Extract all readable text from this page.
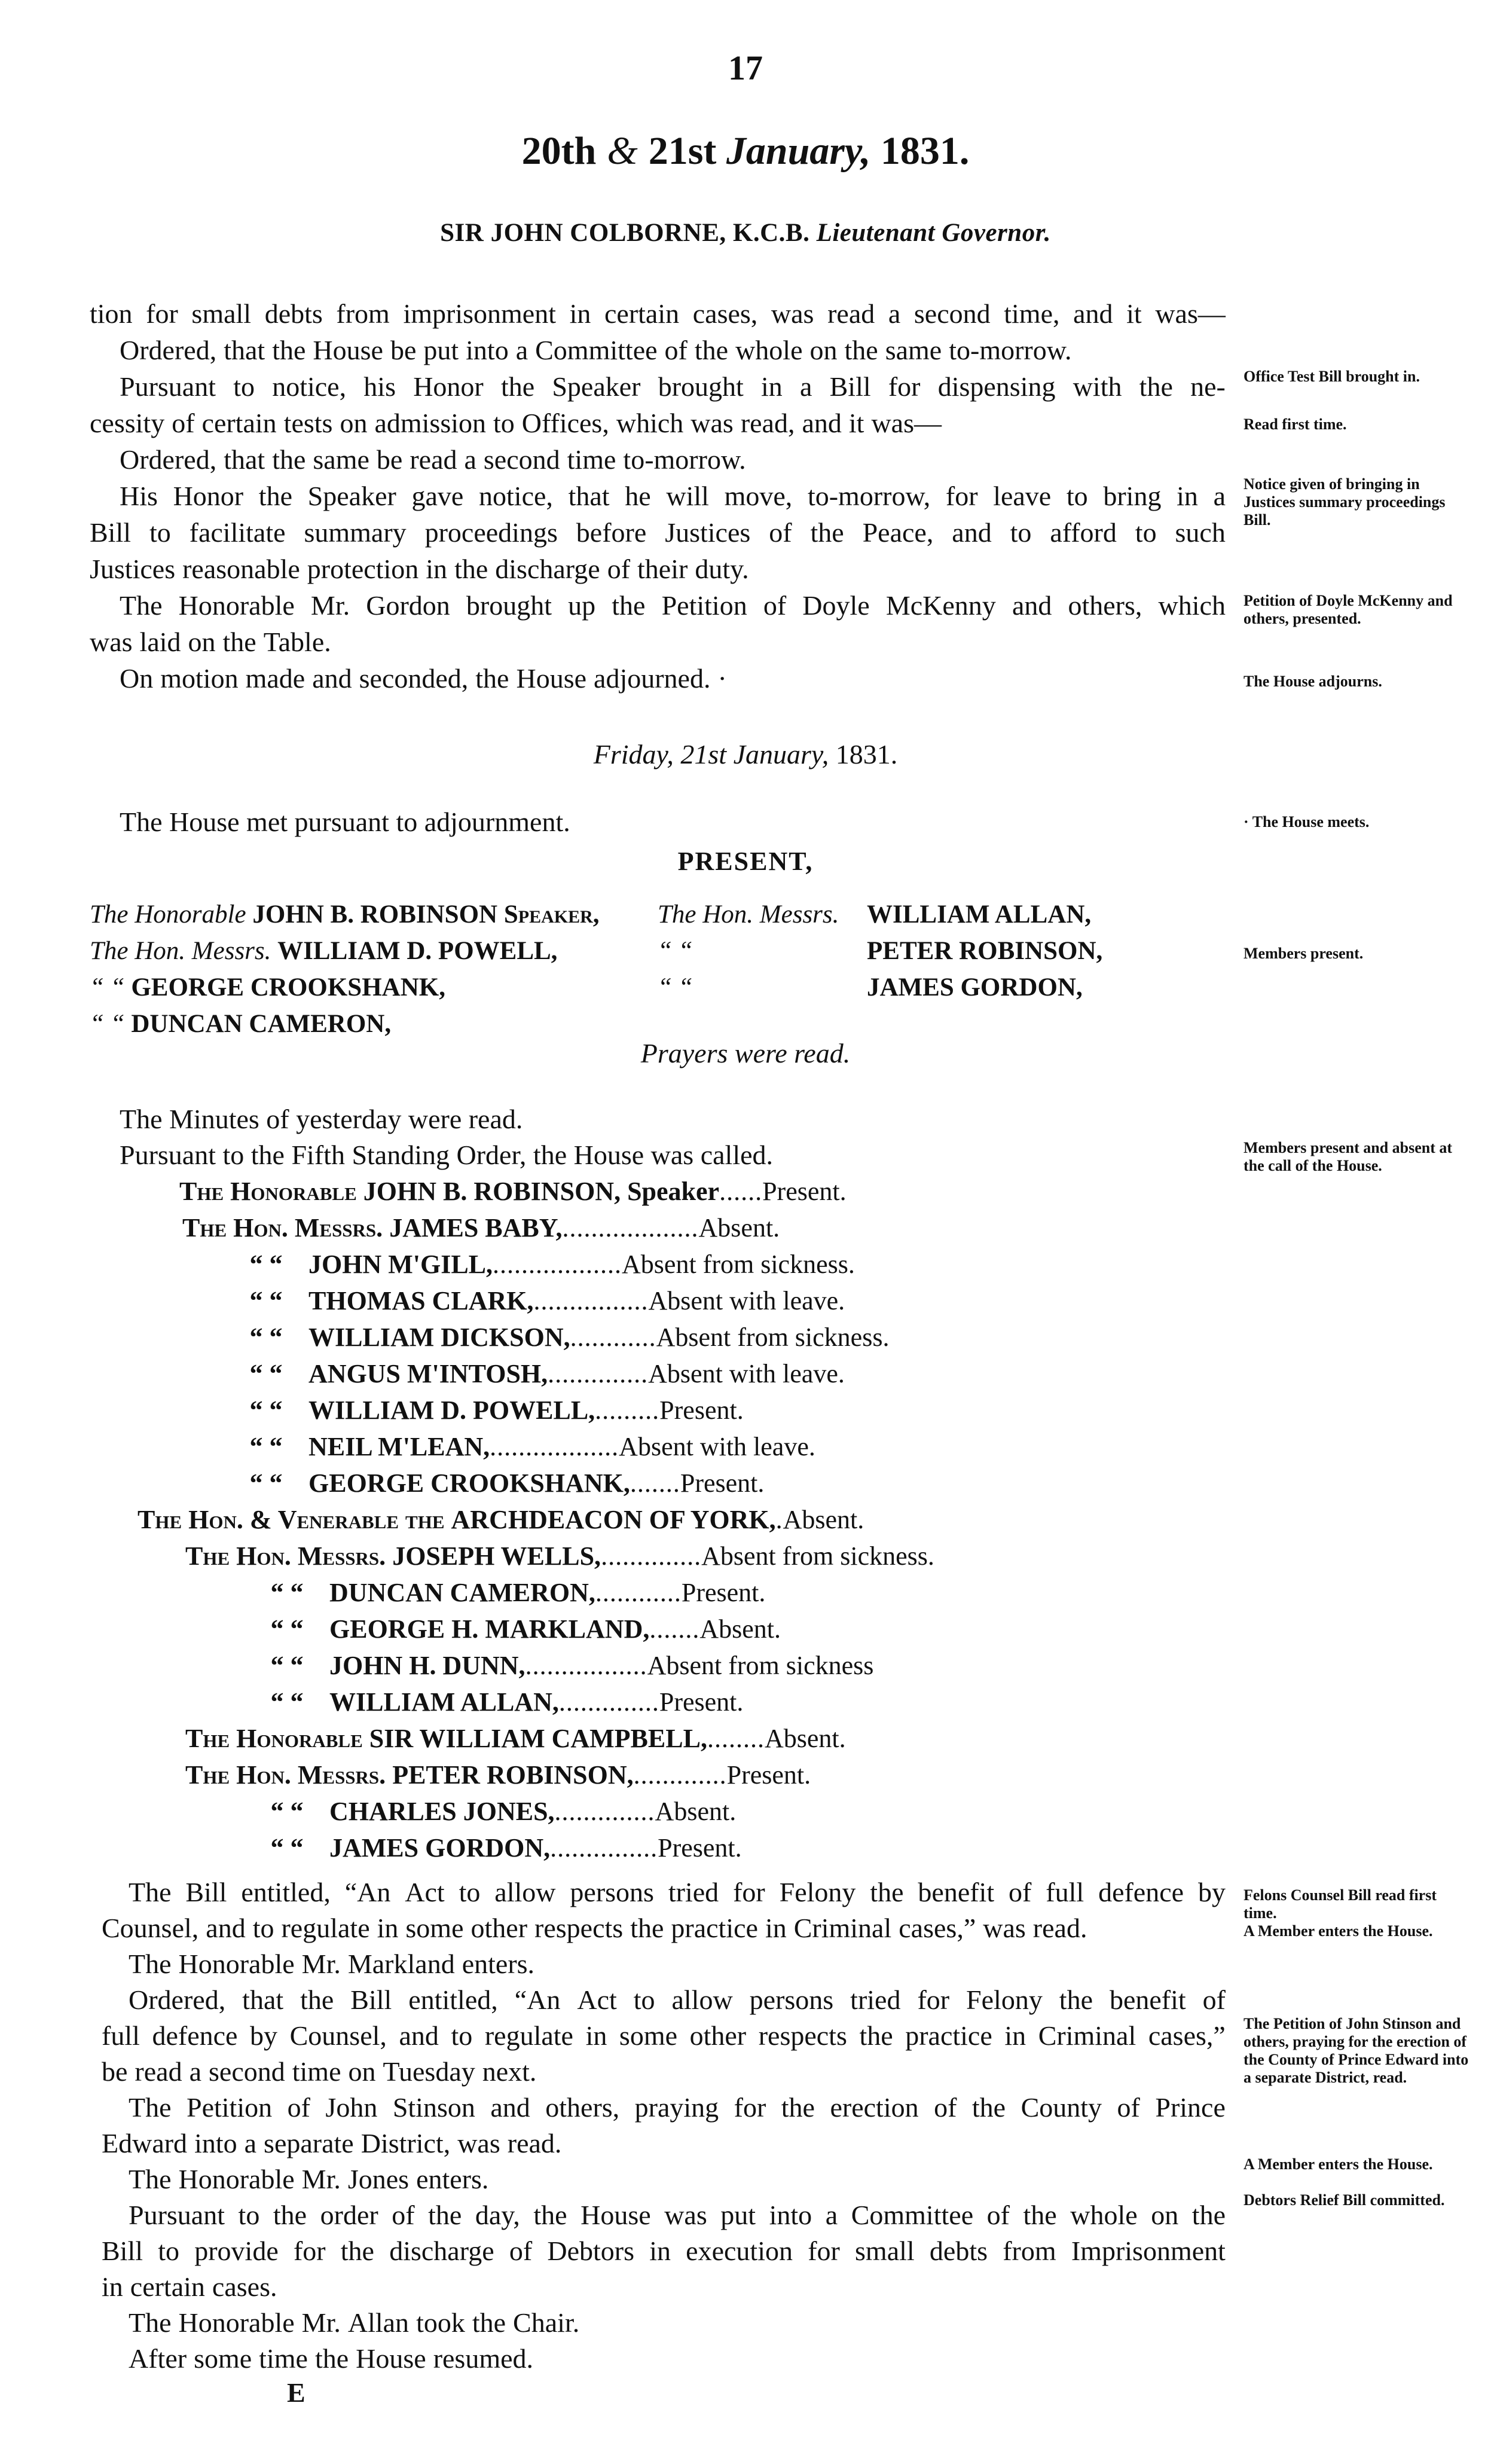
17
20th & 21st January, 1831.
SIR JOHN COLBORNE, K.C.B. Lieutenant Governor.
tion for small debts from imprisonment in certain cases, was read a second time, and it was—
Ordered, that the House be put into a Committee of the whole on the same to-morrow.
Pursuant to notice, his Honor the Speaker brought in a Bill for dispensing with the ne-
cessity of certain tests on admission to Offices, which was read, and it was—
Ordered, that the same be read a second time to-morrow.
His Honor the Speaker gave notice, that he will move, to-morrow, for leave to bring in a
Bill to facilitate summary proceedings before Justices of the Peace, and to afford to such
Justices reasonable protection in the discharge of their duty.
The Honorable Mr. Gordon brought up the Petition of Doyle McKenny and others, which
was laid on the Table.
On motion made and seconded, the House adjourned. ·
Office Test Bill brought in.
Read first time.
Notice given of bringing in Justices summary proceedings Bill.
Petition of Doyle McKenny and others, presented.
The House adjourns.
Friday, 21st January, 1831.
The House met pursuant to adjournment.	· The House meets.
PRESENT,
The Honorable JOHN B. ROBINSON Speaker, The Hon. Messrs. WILLIAM ALLAN,
The Hon. Messrs. WILLIAM D. POWELL,	“ “	PETER ROBINSON,
“ “ GEORGE CROOKSHANK,	“ “	JAMES GORDON,
“ “ DUNCAN CAMERON,
Members present.
Prayers were read.
The Minutes of yesterday were read.
Pursuant to the Fifth Standing Order, the House was called.	Members present and absent at the call of the House.
The Honorable JOHN B. ROBINSON, Speaker......Present.
The Hon. Messrs. JAMES BABY,...................Absent.
“ “ JOHN M'GILL,..................Absent from sickness.
“ “ THOMAS CLARK,................Absent with leave.
“ “ WILLIAM DICKSON,............Absent from sickness.
“ “ ANGUS M'INTOSH,..............Absent with leave.
“ “ WILLIAM D. POWELL,.........Present.
“ “ NEIL M'LEAN,..................Absent with leave.
“ “ GEORGE CROOKSHANK,.......Present.
The Hon. & Venerable the ARCHDEACON OF YORK,.Absent.
The Hon. Messrs. JOSEPH WELLS,..............Absent from sickness.
“ “ DUNCAN CAMERON,............Present.
“ “ GEORGE H. MARKLAND,.......Absent.
“ “ JOHN H. DUNN,.................Absent from sickness
“ “ WILLIAM ALLAN,..............Present.
The Honorable SIR WILLIAM CAMPBELL,........Absent.
The Hon. Messrs. PETER ROBINSON,.............Present.
“ “ CHARLES JONES,..............Absent.
“ “ JAMES GORDON,...............Present.
The Bill entitled, “An Act to allow persons tried for Felony the benefit of full defence by
Counsel, and to regulate in some other respects the practice in Criminal cases,” was read.
The Honorable Mr. Markland enters.
Ordered, that the Bill entitled, “An Act to allow persons tried for Felony the benefit of
full defence by Counsel, and to regulate in some other respects the practice in Criminal cases,”
be read a second time on Tuesday next.
The Petition of John Stinson and others, praying for the erection of the County of Prince
Edward into a separate District, was read.
The Honorable Mr. Jones enters.
Pursuant to the order of the day, the House was put into a Committee of the whole on the
Bill to provide for the discharge of Debtors in execution for small debts from Imprisonment
in certain cases.
The Honorable Mr. Allan took the Chair.
After some time the House resumed.
Felons Counsel Bill read first time.
A Member enters the House.
The Petition of John Stinson and others, praying for the erection of the County of Prince Edward into a separate District, read.
A Member enters the House.
Debtors Relief Bill committed.
E
